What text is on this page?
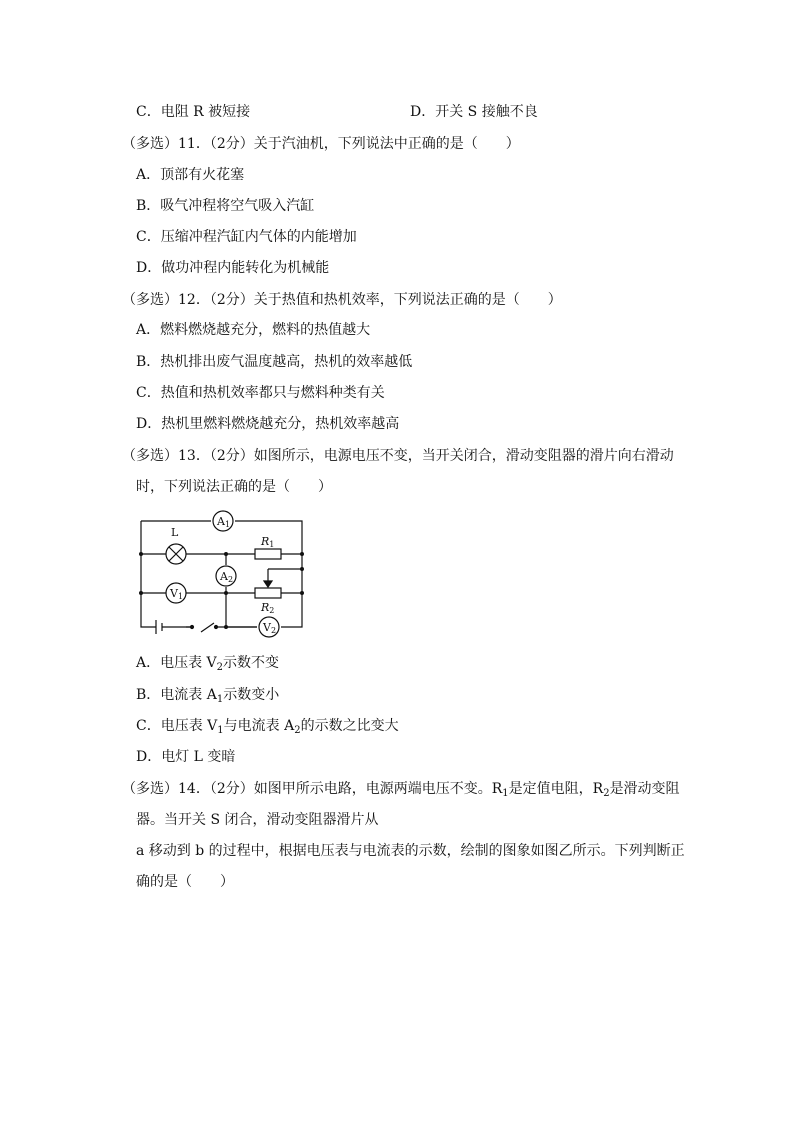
C．电阻 R 被短接	D．开关 S 接触不良
（多选）11．（2分）关于汽油机，下列说法中正确的是（　　）
A．顶部有火花塞
B．吸气冲程将空气吸入汽缸
C．压缩冲程汽缸内气体的内能增加
D．做功冲程内能转化为机械能
（多选）12．（2分）关于热值和热机效率，下列说法正确的是（　　）
A．燃料燃烧越充分，燃料的热值越大
B．热机排出废气温度越高，热机的效率越低
C．热值和热机效率都只与燃料种类有关
D．热机里燃料燃烧越充分，热机效率越高
（多选）13．（2分）如图所示，电源电压不变，当开关闭合，滑动变阻器的滑片向右滑动
时，下列说法正确的是（　　）
A1
L
R1
A2
V1
R2
V2
A．电压表 $V_2$示数不变
B．电流表 $A_1$示数变小
C．电压表 $V_1$与电流表 $A_2$的示数之比变大
D．电灯 L 变暗
（多选）14．（2分）如图甲所示电路，电源两端电压不变。$R_1$是定值电阻，$R_2$是滑动变阻
器。当开关 S 闭合，滑动变阻器滑片从
a 移动到 b 的过程中，根据电压表与电流表的示数，绘制的图象如图乙所示。下列判断正
确的是（　　）
